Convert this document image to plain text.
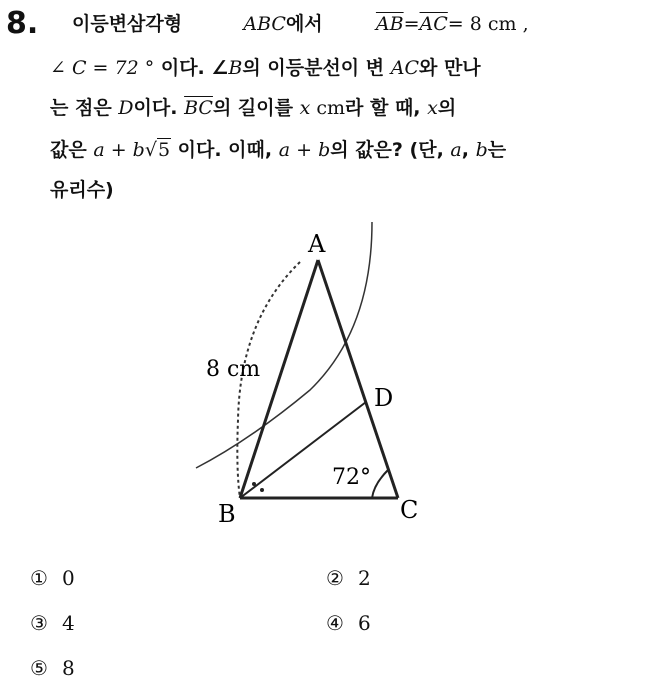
8. 이등변삼각형	ABC에서	$\overline{AB}=\overline{AC}= 8$ cm ,
∠ C = 72 ° 이다. ∠B의 이등분선이 변 AC와 만나
는 점은 D이다. $\overline{BC}$의 길이를 x cm라 할 때, x의
값은 a + b√5 이다. 이때, a + b의 값은? (단, a, b는
유리수)
A
B	C
D
8 cm
72°
① 0	② 2
③ 4	④ 6
⑤ 8
